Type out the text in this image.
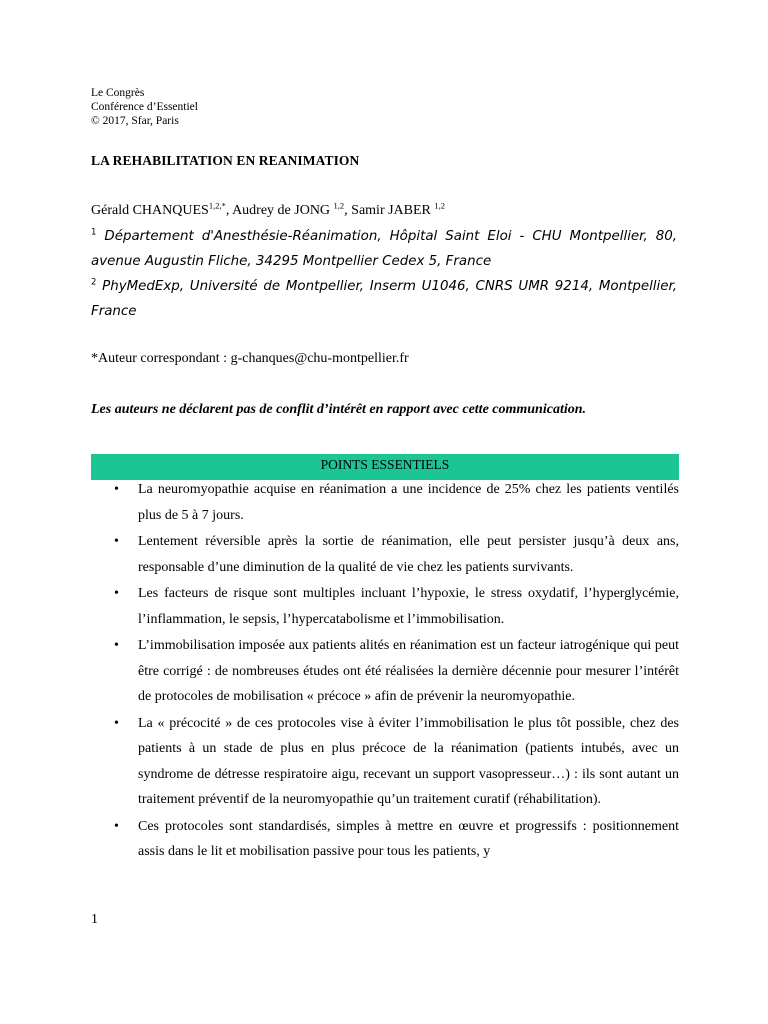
Le Congrès
Conférence d’Essentiel
© 2017, Sfar, Paris
LA REHABILITATION EN REANIMATION
Gérald $CHANQUES^{1,2,*}$, Audrey de JONG $^{1,2}$, Samir JABER $^{1,2}$
$^1$ Département d'Anesthésie-Réanimation, Hôpital Saint Eloi - CHU Montpellier, 80, avenue Augustin Fliche, 34295 Montpellier Cedex 5, France
$^2$ PhyMedExp, Université de Montpellier, Inserm U1046, CNRS UMR 9214, Montpellier, France
*Auteur correspondant : g-chanques@chu-montpellier.fr
Les auteurs ne déclarent pas de conflit d’intérêt en rapport avec cette communication.
POINTS ESSENTIELS
• La neuromyopathie acquise en réanimation a une incidence de 25% chez les patients ventilés plus de 5 à 7 jours.
• Lentement réversible après la sortie de réanimation, elle peut persister jusqu’à deux ans, responsable d’une diminution de la qualité de vie chez les patients survivants.
• Les facteurs de risque sont multiples incluant l’hypoxie, le stress oxydatif, l’hyperglycémie, l’inflammation, le sepsis, l’hypercatabolisme et l’immobilisation.
• L’immobilisation imposée aux patients alités en réanimation est un facteur iatrogénique qui peut être corrigé : de nombreuses études ont été réalisées la dernière décennie pour mesurer l’intérêt de protocoles de mobilisation « précoce » afin de prévenir la neuromyopathie.
• La « précocité » de ces protocoles vise à éviter l’immobilisation le plus tôt possible, chez des patients à un stade de plus en plus précoce de la réanimation (patients intubés, avec un syndrome de détresse respiratoire aigu, recevant un support vasopresseur…) : ils sont autant un traitement préventif de la neuromyopathie qu’un traitement curatif (réhabilitation).
• Ces protocoles sont standardisés, simples à mettre en œuvre et progressifs : positionnement assis dans le lit et mobilisation passive pour tous les patients, y
1
